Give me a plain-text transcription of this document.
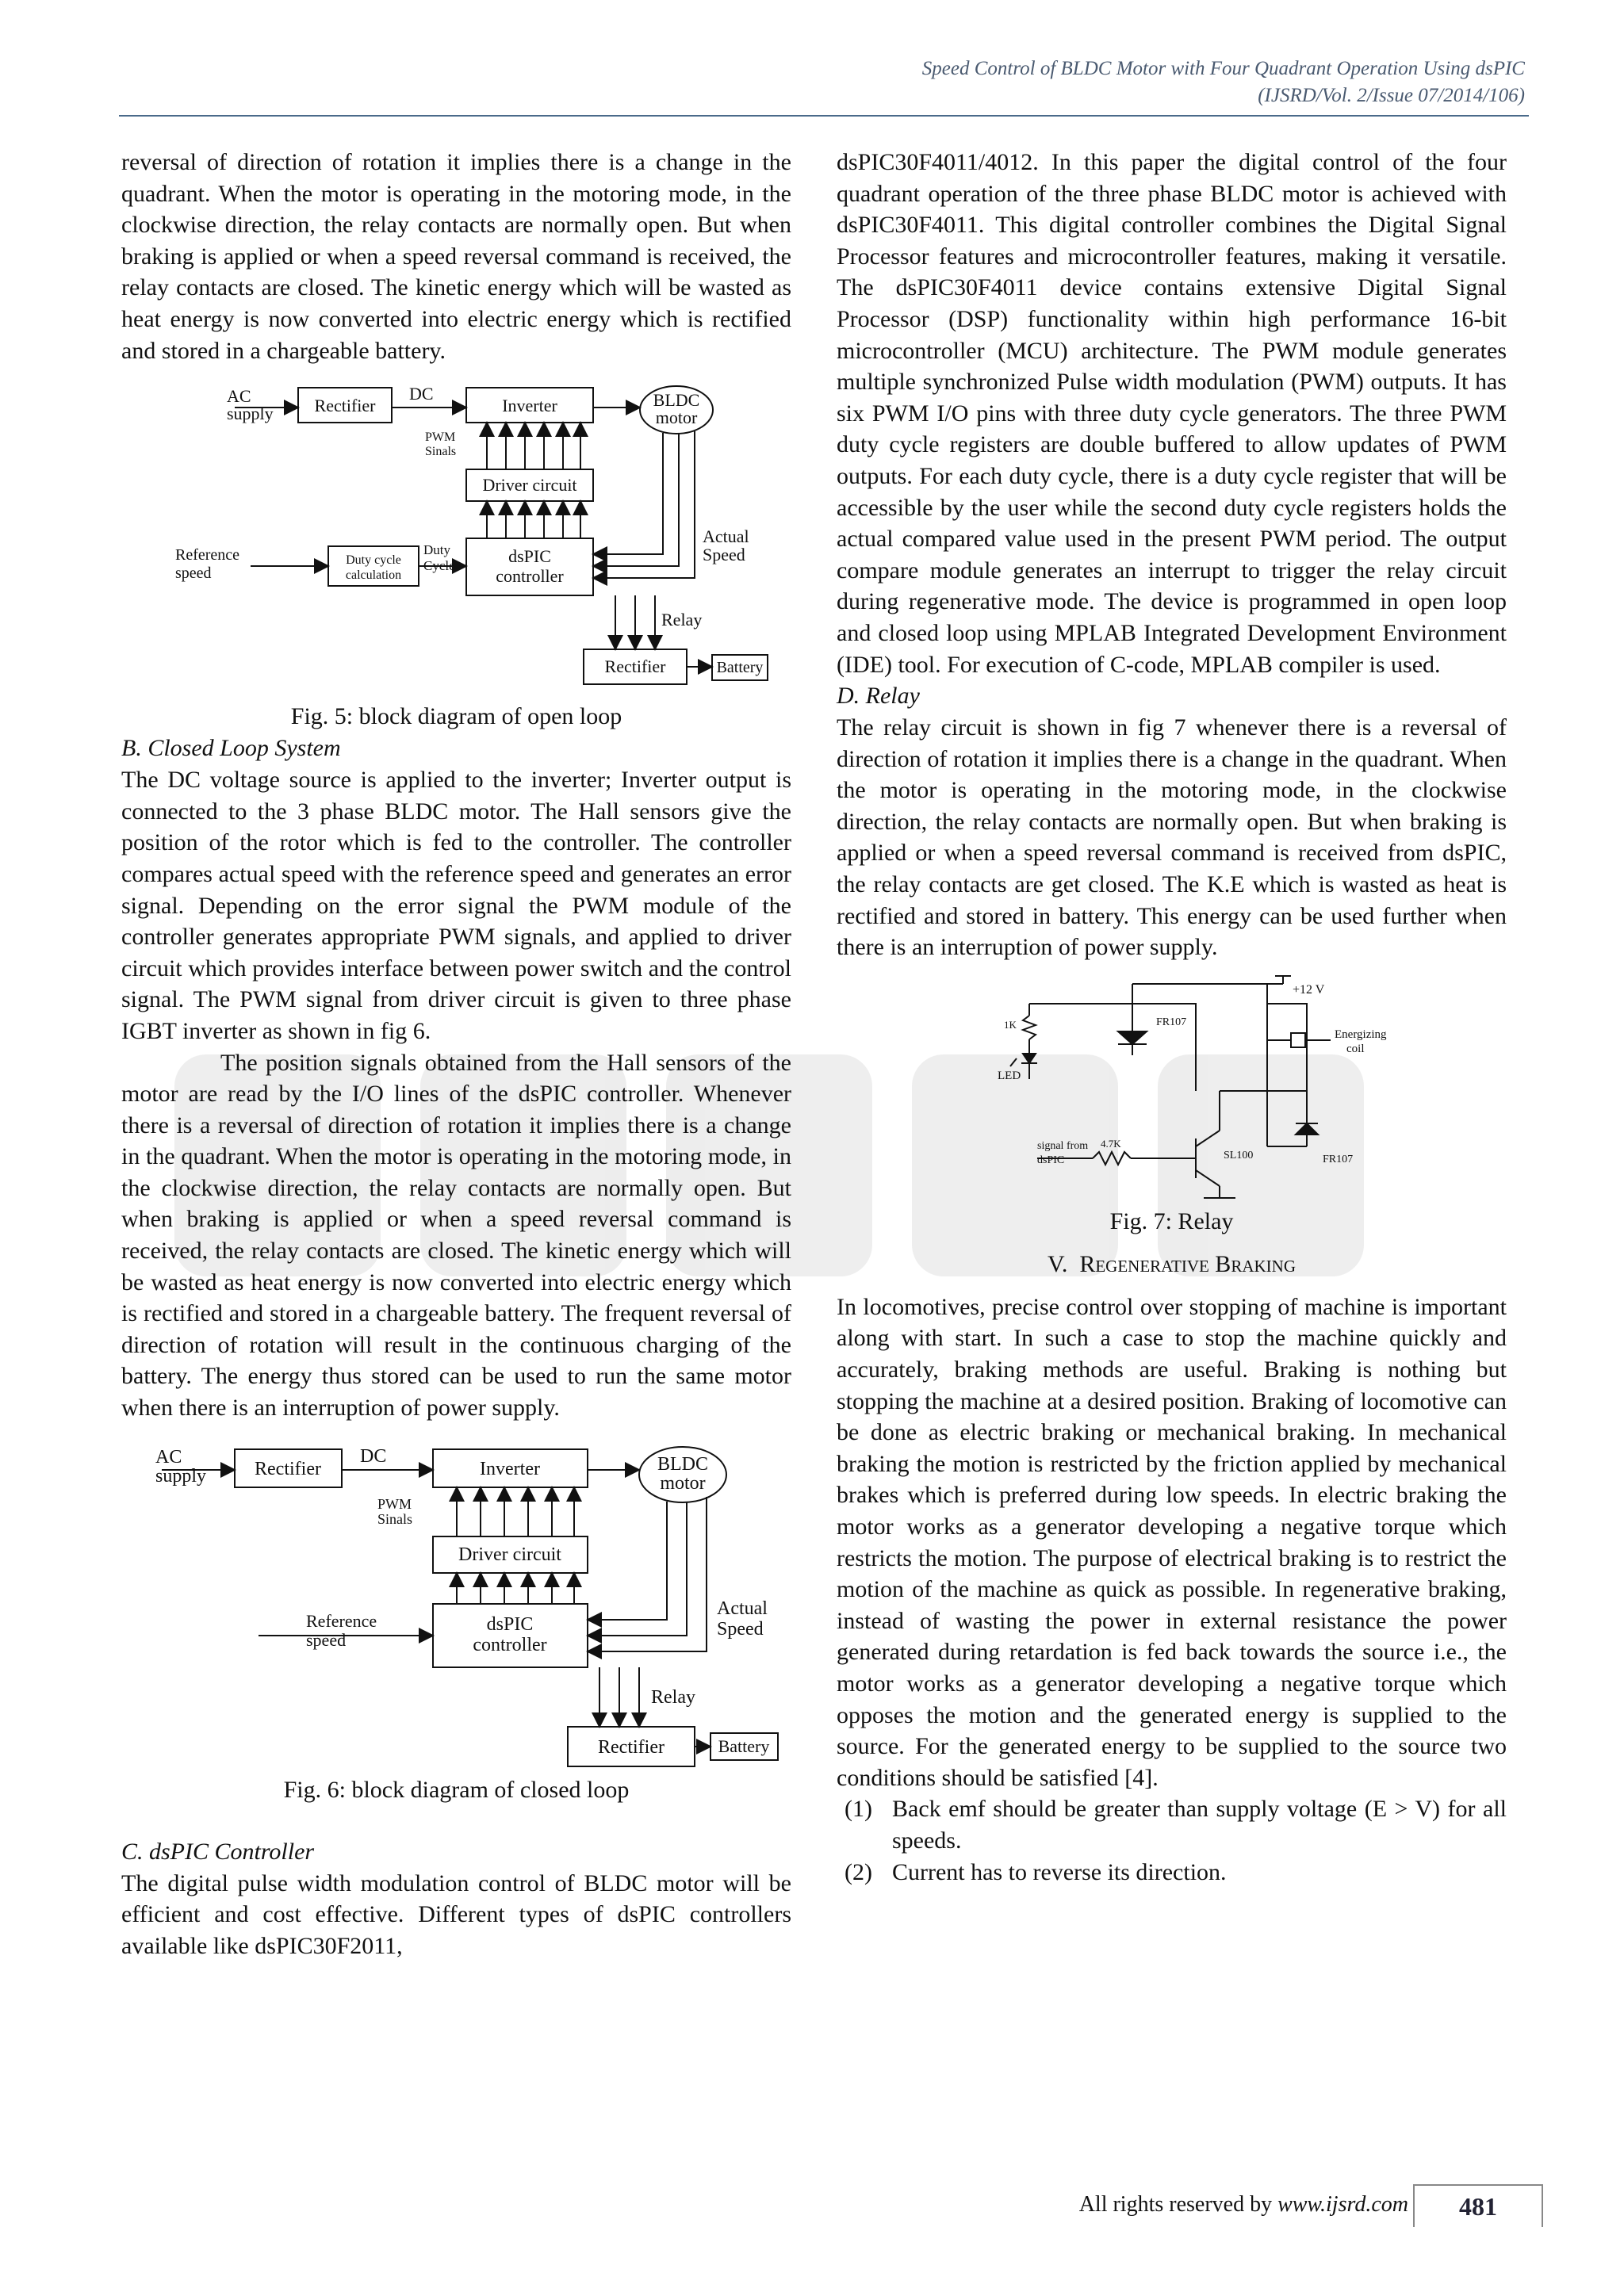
Speed Control of BLDC Motor with Four Quadrant Operation Using dsPIC
(IJSRD/Vol. 2/Issue 07/2014/106)

reversal of direction of rotation it implies there is a change in the quadrant. When the motor is operating in the motoring mode, in the clockwise direction, the relay contacts are normally open. But when braking is applied or when a speed reversal command is received, the relay contacts are closed. The kinetic energy which will be wasted as heat energy is now converted into electric energy which is rectified and stored in a chargeable battery.

AC
supply Rectifier
DC
Inverter	BLDC
motor
PWM
Sinals
Driver circuit
Reference
speed
Duty cycle
calculation
Duty
Cycle	dsPIC
controller
Actual
Speed
Relay
Rectifier	Battery
Fig. 5: block diagram of open loop
B. Closed Loop System

The DC voltage source is applied to the inverter; Inverter output is connected to the 3 phase BLDC motor. The Hall sensors give the position of the rotor which is fed to the controller. The controller compares actual speed with the reference speed and generates an error signal. Depending on the error signal the PWM module of the controller generates appropriate PWM signals, and applied to driver circuit which provides interface between power switch and the control signal. The PWM signal from driver circuit is given to three phase IGBT inverter as shown in fig 6.

The position signals obtained from the Hall sensors of the motor are read by the I/O lines of the dsPIC controller. Whenever there is a reversal of direction of rotation it implies there is a change in the quadrant. When the motor is operating in the motoring mode, in the clockwise direction, the relay contacts are normally open. But when braking is applied or when a speed reversal command is received, the relay contacts are closed. The kinetic energy which will be wasted as heat energy is now converted into electric energy which is rectified and stored in a chargeable battery. The frequent reversal of direction of rotation will result in the continuous charging of the battery. The energy thus stored can be used to run the same motor when there is an interruption of power supply.

AC
supply	Rectifier
DC
Inverter	BLDC
motor
PWM
Sinals
Driver circuit
Reference
speed
dsPIC
controller
Actual
Speed
Relay
Rectifier	Battery
Fig. 6: block diagram of closed loop
C. dsPIC Controller

The digital pulse width modulation control of BLDC motor will be efficient and cost effective. Different types of dsPIC controllers available like dsPIC30F2011,

dsPIC30F4011/4012. In this paper the digital control of the four quadrant operation of the three phase BLDC motor is achieved with dsPIC30F4011. This digital controller combines the Digital Signal Processor features and microcontroller features, making it versatile. The dsPIC30F4011 device contains extensive Digital Signal Processor (DSP) functionality within high performance 16-bit microcontroller (MCU) architecture. The PWM module generates multiple synchronized Pulse width modulation (PWM) outputs. It has six PWM I/O pins with three duty cycle generators. The three PWM duty cycle registers are double buffered to allow updates of PWM outputs. For each duty cycle, there is a duty cycle register that will be accessible by the user while the second duty cycle registers holds the actual compared value used in the present PWM period. The output compare module generates an interrupt to trigger the relay circuit during regenerative mode. The device is programmed in open loop and closed loop using MPLAB Integrated Development Environment (IDE) tool. For execution of C-code, MPLAB compiler is used.

D. Relay

The relay circuit is shown in fig 7 whenever there is a reversal of direction of rotation it implies there is a change in the quadrant. When the motor is operating in the motoring mode, in the clockwise direction, the relay contacts are normally open. But when braking is applied or when a speed reversal command is received from dsPIC, the relay contacts are get closed. The K.E which is wasted as heat is rectified and stored in battery. This energy can be used further when there is an interruption of power supply.

+12 V
1K	FR107
LED
Energizing
coil
signal from
dsPIC
4.7K
SL100	FR107
Fig. 7: Relay
V. Regenerative Braking

In locomotives, precise control over stopping of machine is important along with start. In such a case to stop the machine quickly and accurately, braking methods are useful. Braking is nothing but stopping the machine at a desired position. Braking of locomotive can be done as electric braking or mechanical braking. In mechanical braking the motion is restricted by the friction applied by mechanical brakes which is preferred during low speeds. In electric braking the motor works as a generator developing a negative torque which restricts the motion. The purpose of electrical braking is to restrict the motion of the machine as quick as possible. In regenerative braking, instead of wasting the power in external resistance the power generated during retardation is fed back towards the source i.e., the motor works as a generator developing a negative torque which opposes the motion and the generated energy is supplied to the source. For the generated energy to be supplied to the source two conditions should be satisfied [4].

(1) Back emf should be greater than supply voltage (E > V) for all speeds.
(2) Current has to reverse its direction.
All rights reserved by www.ijsrd.com	481
